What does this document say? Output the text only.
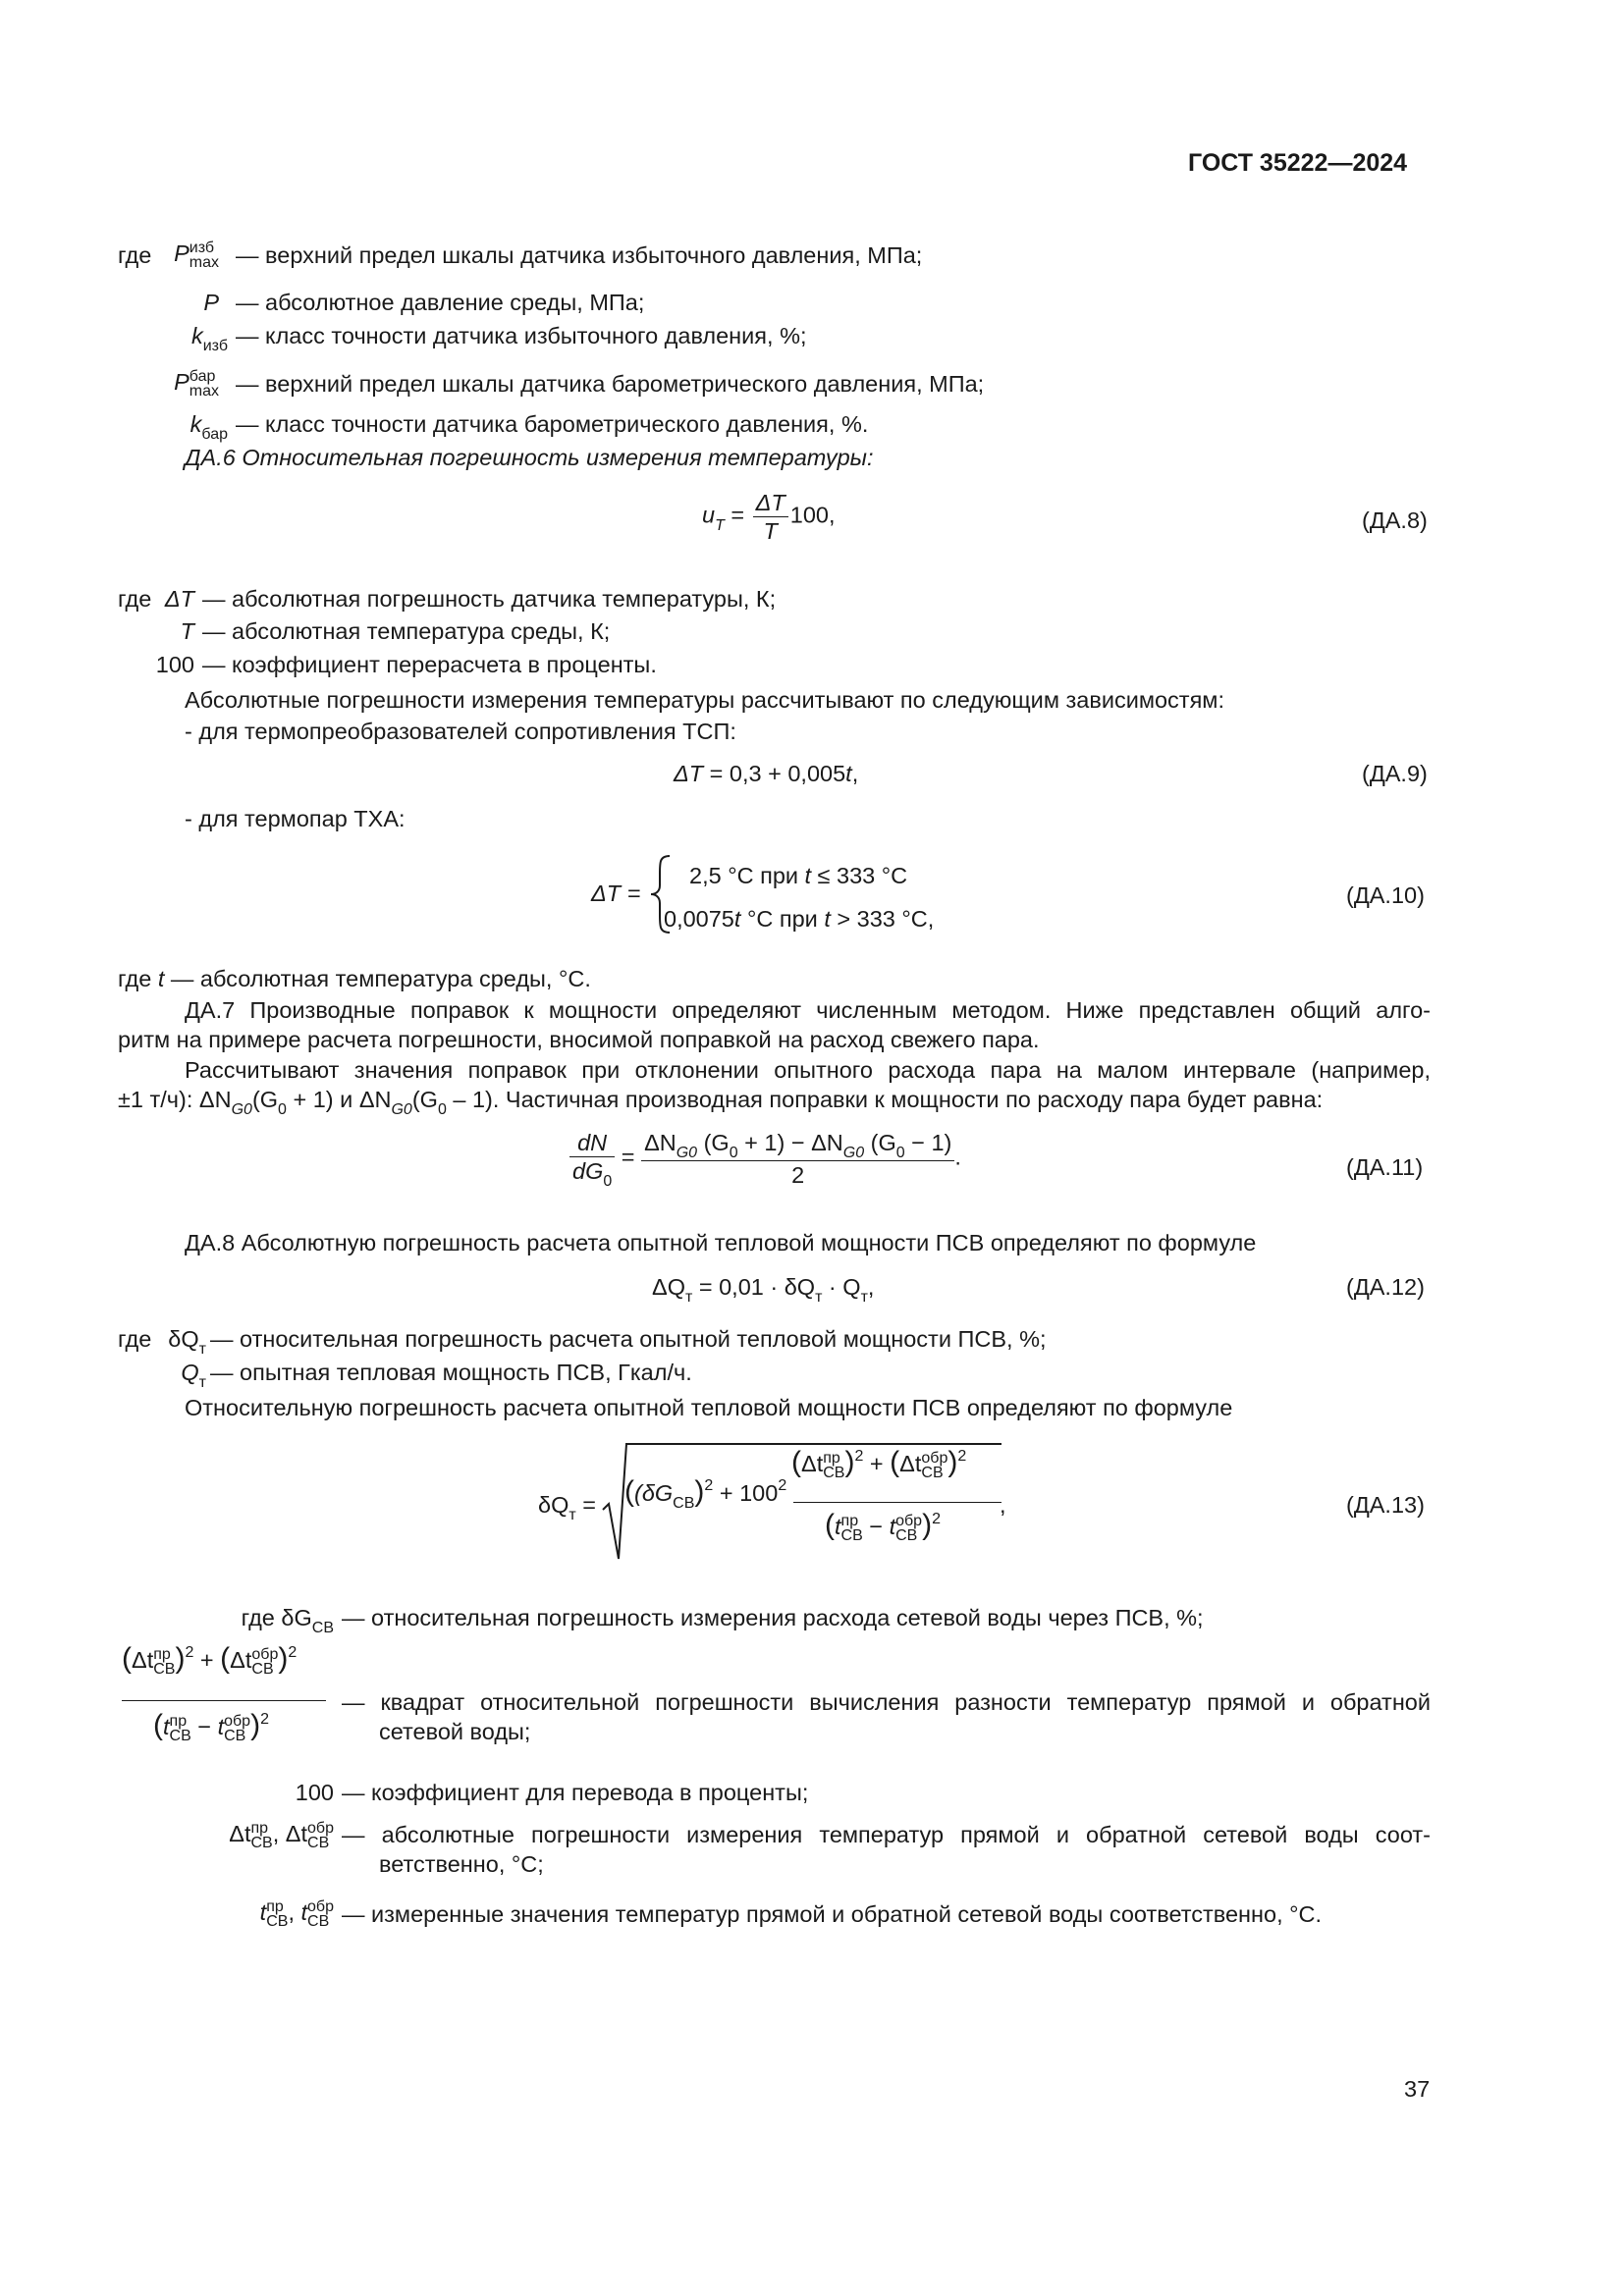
ГОСТ 35222—2024
где P изб
max — верхний предел шкалы датчика избыточного давления, МПа;
P — абсолютное давление среды, МПа;
$k_{изб}$ — класс точности датчика избыточного давления, %;
P бар
max — верхний предел шкалы датчика барометрического давления, МПа;
$k_{бар}$ — класс точности датчика барометрического давления, %.
ДА.6 Относительная погрешность измерения температуры:
$u_T = \frac{\Delta T}{T} 100$,	(ДА.8)
где ΔT — абсолютная погрешность датчика температуры, К;
T — абсолютная температура среды, К;
100 — коэффициент перерасчета в проценты.
Абсолютные погрешности измерения температуры рассчитывают по следующим зависимостям:
- для термопреобразователей сопротивления ТСП:
ΔT = 0,3 + 0,005t,	(ДА.9)
- для термопар ТХА:
ΔT =
2,5 °С при t ≤ 333 °С
0,0075t °С при t > 333 °С,
(ДА.10)
где t — абсолютная температура среды, °С.
ДА.7 Производные поправок к мощности определяют численным методом. Ниже представлен общий алго-
ритм на примере расчета погрешности, вносимой поправкой на расход свежего пара.
Рассчитывают значения поправок при отклонении опытного расхода пара на малом интервале (например,
±1 т/ч): $\Delta N_{G0}(G_0 + 1)$ и $\Delta N_{G0}(G_0 - 1)$. Частичная производная поправки к мощности по расходу пара будет равна:
$\frac{dN}{dG_0} = \frac{\Delta N_{G0} (G_0 + 1) - \Delta N_{G0} (G_0 - 1)}{2}$ .	(ДА.11)
ДА.8 Абсолютную погрешность расчета опытной тепловой мощности ПСВ определяют по формуле
$\Delta Q_т = 0,01 \cdot \delta Q_т \cdot Q_т$,	(ДА.12)
где $\delta Q_т$ — относительная погрешность расчета опытной тепловой мощности ПСВ, %;
$Q_т$ — опытная тепловая мощность ПСВ, Гкал/ч.
Относительную погрешность расчета опытной тепловой мощности ПСВ определяют по формуле
$\delta Q_т = ((\delta G_{СВ})^2 + 100^2$
(Δt пр
СВ )$^2$ + (Δt обр
СВ )$^2$
(t пр
СВ − t обр
СВ )$^2$
,	(ДА.13)
где $\delta G_{СВ}$ — относительная погрешность измерения расхода сетевой воды через ПСВ, %;
(Δt пр
СВ )$^2$ + (Δt обр
СВ )$^2$
(t пр
СВ − t обр
СВ )$^2$
— квадрат относительной погрешности вычисления разности температур прямой и обратной
сетевой воды;
100 — коэффициент для перевода в проценты;
Δt пр
СВ , Δt обр
СВ — абсолютные погрешности измерения температур прямой и обратной сетевой воды соот-
ветственно, °С;
t пр
СВ , t обр
СВ — измеренные значения температур прямой и обратной сетевой воды соответственно, °С.
37
